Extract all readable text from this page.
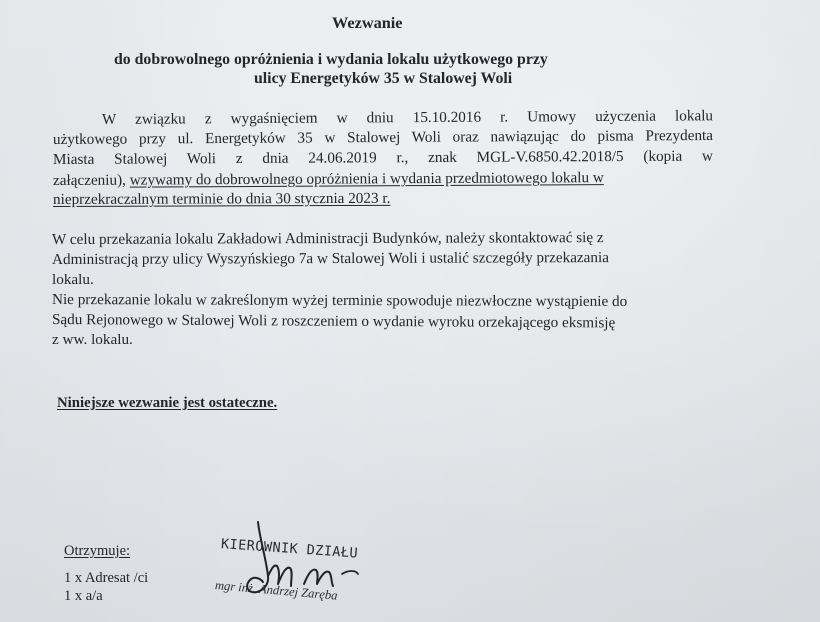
Wezwanie
do dobrowolnego opróżnienia i wydania lokalu użytkowego przy
ulicy Energetyków 35 w Stalowej Woli
W związku z wygaśnięciem w dniu 15.10.2016 r. Umowy użyczenia lokalu
użytkowego przy ul. Energetyków 35 w Stalowej Woli oraz nawiązując do pisma Prezydenta
Miasta Stalowej Woli z dnia 24.06.2019 r., znak MGL-V.6850.42.2018/5 (kopia w
załączeniu), wzywamy do dobrowolnego opróżnienia i wydania przedmiotowego lokalu w
nieprzekraczalnym terminie do dnia 30 stycznia 2023 r.
W celu przekazania lokalu Zakładowi Administracji Budynków, należy skontaktować się z
Administracją przy ulicy Wyszyńskiego 7a w Stalowej Woli i ustalić szczegóły przekazania
lokalu.
Nie przekazanie lokalu w zakreślonym wyżej terminie spowoduje niezwłoczne wystąpienie do
Sądu Rejonowego w Stalowej Woli z roszczeniem o wydanie wyroku orzekającego eksmisję
z ww. lokalu.
Niniejsze wezwanie jest ostateczne.
Otrzymuje:
1 x Adresat /ci
1 x a/a
KIEROWNIK DZIAŁU
mgr inż. Andrzej Zaręba
